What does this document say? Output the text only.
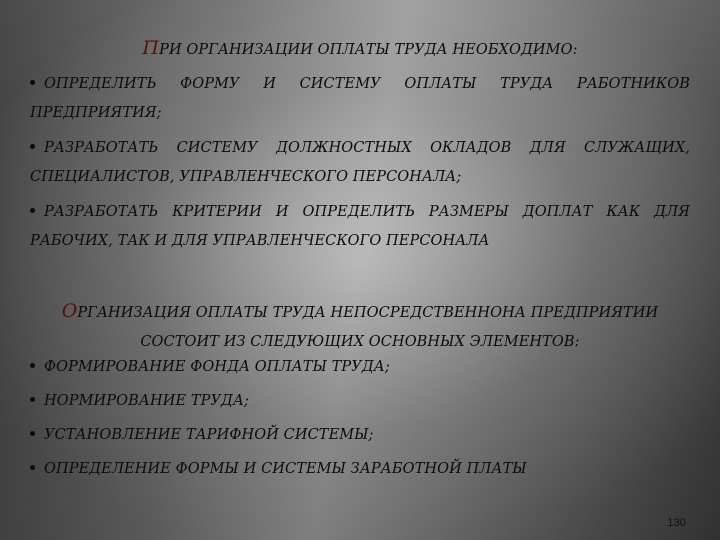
ПРИ ОРГАНИЗАЦИИ ОПЛАТЫ ТРУДА НЕОБХОДИМО:
ОПРЕДЕЛИТЬ ФОРМУ И СИСТЕМУ ОПЛАТЫ ТРУДА РАБОТНИКОВ ПРЕДПРИЯТИЯ;
РАЗРАБОТАТЬ СИСТЕМУ ДОЛЖНОСТНЫХ ОКЛАДОВ ДЛЯ СЛУЖАЩИХ, СПЕЦИАЛИСТОВ, УПРАВЛЕНЧЕСКОГО ПЕРСОНАЛА;
РАЗРАБОТАТЬ КРИТЕРИИ И ОПРЕДЕЛИТЬ РАЗМЕРЫ ДОПЛАТ КАК ДЛЯ РАБОЧИХ, ТАК И ДЛЯ УПРАВЛЕНЧЕСКОГО ПЕРСОНАЛА
ОРГАНИЗАЦИЯ ОПЛАТЫ ТРУДА НЕПОСРЕДСТВЕННОНА ПРЕДПРИЯТИИ СОСТОИТ ИЗ СЛЕДУЮЩИХ ОСНОВНЫХ ЭЛЕМЕНТОВ:
ФОРМИРОВАНИЕ ФОНДА ОПЛАТЫ ТРУДА;
НОРМИРОВАНИЕ ТРУДА;
УСТАНОВЛЕНИЕ ТАРИФНОЙ СИСТЕМЫ;
ОПРЕДЕЛЕНИЕ ФОРМЫ И СИСТЕМЫ ЗАРАБОТНОЙ ПЛАТЫ
130
